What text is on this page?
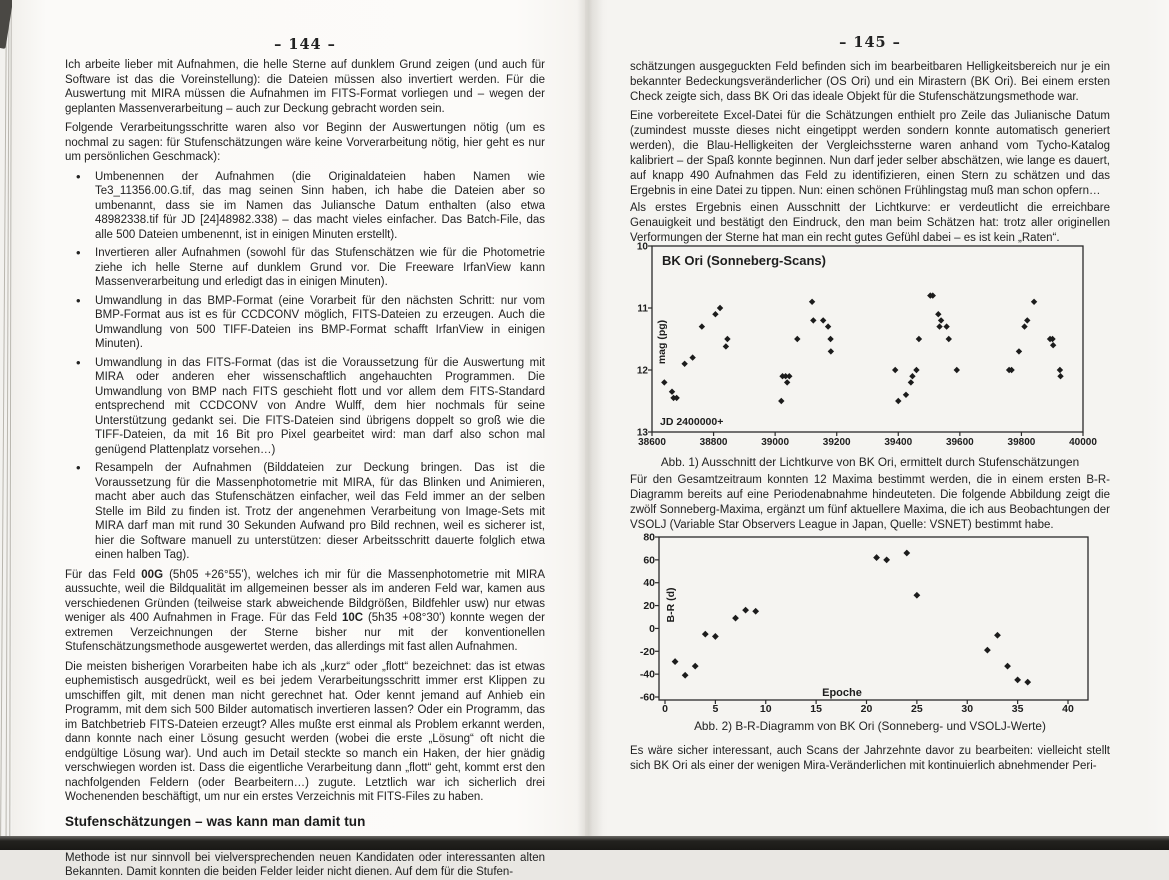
– 144 –

Ich arbeite lieber mit Aufnahmen, die helle Sterne auf dunklem Grund zeigen (und auch für Software ist das die Voreinstellung): die Dateien müssen also invertiert werden. Für die Auswertung mit MIRA müssen die Aufnahmen im FITS-Format vorliegen und – wegen der geplanten Massenverarbeitung – auch zur Deckung gebracht worden sein.

Folgende Verarbeitungsschritte waren also vor Beginn der Auswertungen nötig (um es nochmal zu sagen: für Stufenschätzungen wäre keine Vorverarbeitung nötig, hier geht es nur um persönlichen Geschmack):

• Umbenennen der Aufnahmen (die Originaldateien haben Namen wie Te3_11356.00.G.tif, das mag seinen Sinn haben, ich habe die Dateien aber so umbenannt, dass sie im Namen das Juliansche Datum enthalten (also etwa 48982338.tif für JD [24]48982.338) – das macht vieles einfacher. Das Batch-File, das alle 500 Dateien umbenennt, ist in einigen Minuten erstellt).
• Invertieren aller Aufnahmen (sowohl für das Stufenschätzen wie für die Photometrie ziehe ich helle Sterne auf dunklem Grund vor. Die Freeware IrfanView kann Massenverarbeitung und erledigt das in einigen Minuten).
• Umwandlung in das BMP-Format (eine Vorarbeit für den nächsten Schritt: nur vom BMP-Format aus ist es für CCDCONV möglich, FITS-Dateien zu erzeugen. Auch die Umwandlung von 500 TIFF-Dateien ins BMP-Format schafft IrfanView in einigen Minuten).
• Umwandlung in das FITS-Format (das ist die Voraussetzung für die Auswertung mit MIRA oder anderen eher wissenschaftlich angehauchten Programmen. Die Umwandlung von BMP nach FITS geschieht flott und vor allem dem FITS-Standard entsprechend mit CCDCONV von Andre Wulff, dem hier nochmals für seine Unterstützung gedankt sei. Die FITS-Dateien sind übrigens doppelt so groß wie die TIFF-Dateien, da mit 16 Bit pro Pixel gearbeitet wird: man darf also schon mal genügend Plattenplatz vorsehen…)
• Resampeln der Aufnahmen (Bilddateien zur Deckung bringen. Das ist die Voraussetzung für die Massenphotometrie mit MIRA, für das Blinken und Animieren, macht aber auch das Stufenschätzen einfacher, weil das Feld immer an der selben Stelle im Bild zu finden ist. Trotz der angenehmen Verarbeitung von Image-Sets mit MIRA darf man mit rund 30 Sekunden Aufwand pro Bild rechnen, weil es sicherer ist, hier die Software manuell zu unterstützen: dieser Arbeitsschritt dauerte folglich etwa einen halben Tag).

Für das Feld 00G (5h05 +26°55'), welches ich mir für die Massenphotometrie mit MIRA aussuchte, weil die Bildqualität im allgemeinen besser als im anderen Feld war, kamen aus verschiedenen Gründen (teilweise stark abweichende Bildgrößen, Bildfehler usw) nur etwas weniger als 400 Aufnahmen in Frage. Für das Feld 10C (5h35 +08°30') konnte wegen der extremen Verzeichnungen der Sterne bisher nur mit der konventionellen Stufenschätzungsmethode ausgewertet werden, das allerdings mit fast allen Aufnahmen.

Die meisten bisherigen Vorarbeiten habe ich als „kurz“ oder „flott“ bezeichnet: das ist etwas euphemistisch ausgedrückt, weil es bei jedem Verarbeitungsschritt immer erst Klippen zu umschiffen gilt, mit denen man nicht gerechnet hat. Oder kennt jemand auf Anhieb ein Programm, mit dem sich 500 Bilder automatisch invertieren lassen? Oder ein Programm, das im Batchbetrieb FITS-Dateien erzeugt? Alles mußte erst einmal als Problem erkannt werden, dann konnte nach einer Lösung gesucht werden (wobei die erste „Lösung“ oft nicht die endgültige Lösung war). Und auch im Detail steckte so manch ein Haken, der hier gnädig verschwiegen worden ist. Dass die eigentliche Verarbeitung dann „flott“ geht, kommt erst den nachfolgenden Feldern (oder Bearbeitern…) zugute. Letztlich war ich sicherlich drei Wochenenden beschäftigt, um nur ein erstes Verzeichnis mit FITS-Files zu haben.

Stufenschätzungen – was kann man damit tun

Methode ist nur sinnvoll bei vielversprechenden neuen Kandidaten oder interessanten alten Bekannten. Damit konnten die beiden Felder leider nicht dienen. Auf dem für die Stufen-

– 145 –
schätzungen ausgeguckten Feld befinden sich im bearbeitbaren Helligkeitsbereich nur je ein bekannter Bedeckungsveränderlicher (OS Ori) und ein Mirastern (BK Ori). Bei einem ersten Check zeigte sich, dass BK Ori das ideale Objekt für die Stufenschätzungsmethode war.
Eine vorbereitete Excel-Datei für die Schätzungen enthielt pro Zeile das Julianische Datum (zumindest musste dieses nicht eingetippt werden sondern konnte automatisch generiert werden), die Blau-Helligkeiten der Vergleichssterne waren anhand vom Tycho-Katalog kalibriert – der Spaß konnte beginnen. Nun darf jeder selber abschätzen, wie lange es dauert, auf knapp 490 Aufnahmen das Feld zu identifizieren, einen Stern zu schätzen und das Ergebnis in eine Datei zu tippen. Nun: einen schönen Frühlingstag muß man schon opfern…
Als erstes Ergebnis einen Ausschnitt der Lichtkurve: er verdeutlicht die erreichbare Genauigkeit und bestätigt den Eindruck, den man beim Schätzen hat: trotz aller originellen Verformungen der Sterne hat man ein recht gutes Gefühl dabei – es ist kein „Raten“.
38600	38800	39000	39200	39400	39600	39800	40000
10
11
12
13
BK Ori (Sonneberg-Scans)
mag (pg)
JD 2400000+
Abb. 1) Ausschnitt der Lichtkurve von BK Ori, ermittelt durch Stufenschätzungen
Für den Gesamtzeitraum konnten 12 Maxima bestimmt werden, die in einem ersten B-R-Diagramm bereits auf eine Periodenabnahme hindeuteten. Die folgende Abbildung zeigt die zwölf Sonneberg-Maxima, ergänzt um fünf aktuellere Maxima, die ich aus Beobachtungen der VSOLJ (Variable Star Observers League in Japan, Quelle: VSNET) bestimmt habe.
0	5	10	15	20	25	30	35	40
80
60
40
20
0
-20
-40
-60
B-R (d)
Epoche
Abb. 2) B-R-Diagramm von BK Ori (Sonneberg- und VSOLJ-Werte)
Es wäre sicher interessant, auch Scans der Jahrzehnte davor zu bearbeiten: vielleicht stellt sich BK Ori als einer der wenigen Mira-Veränderlichen mit kontinuierlich abnehmender Peri-
